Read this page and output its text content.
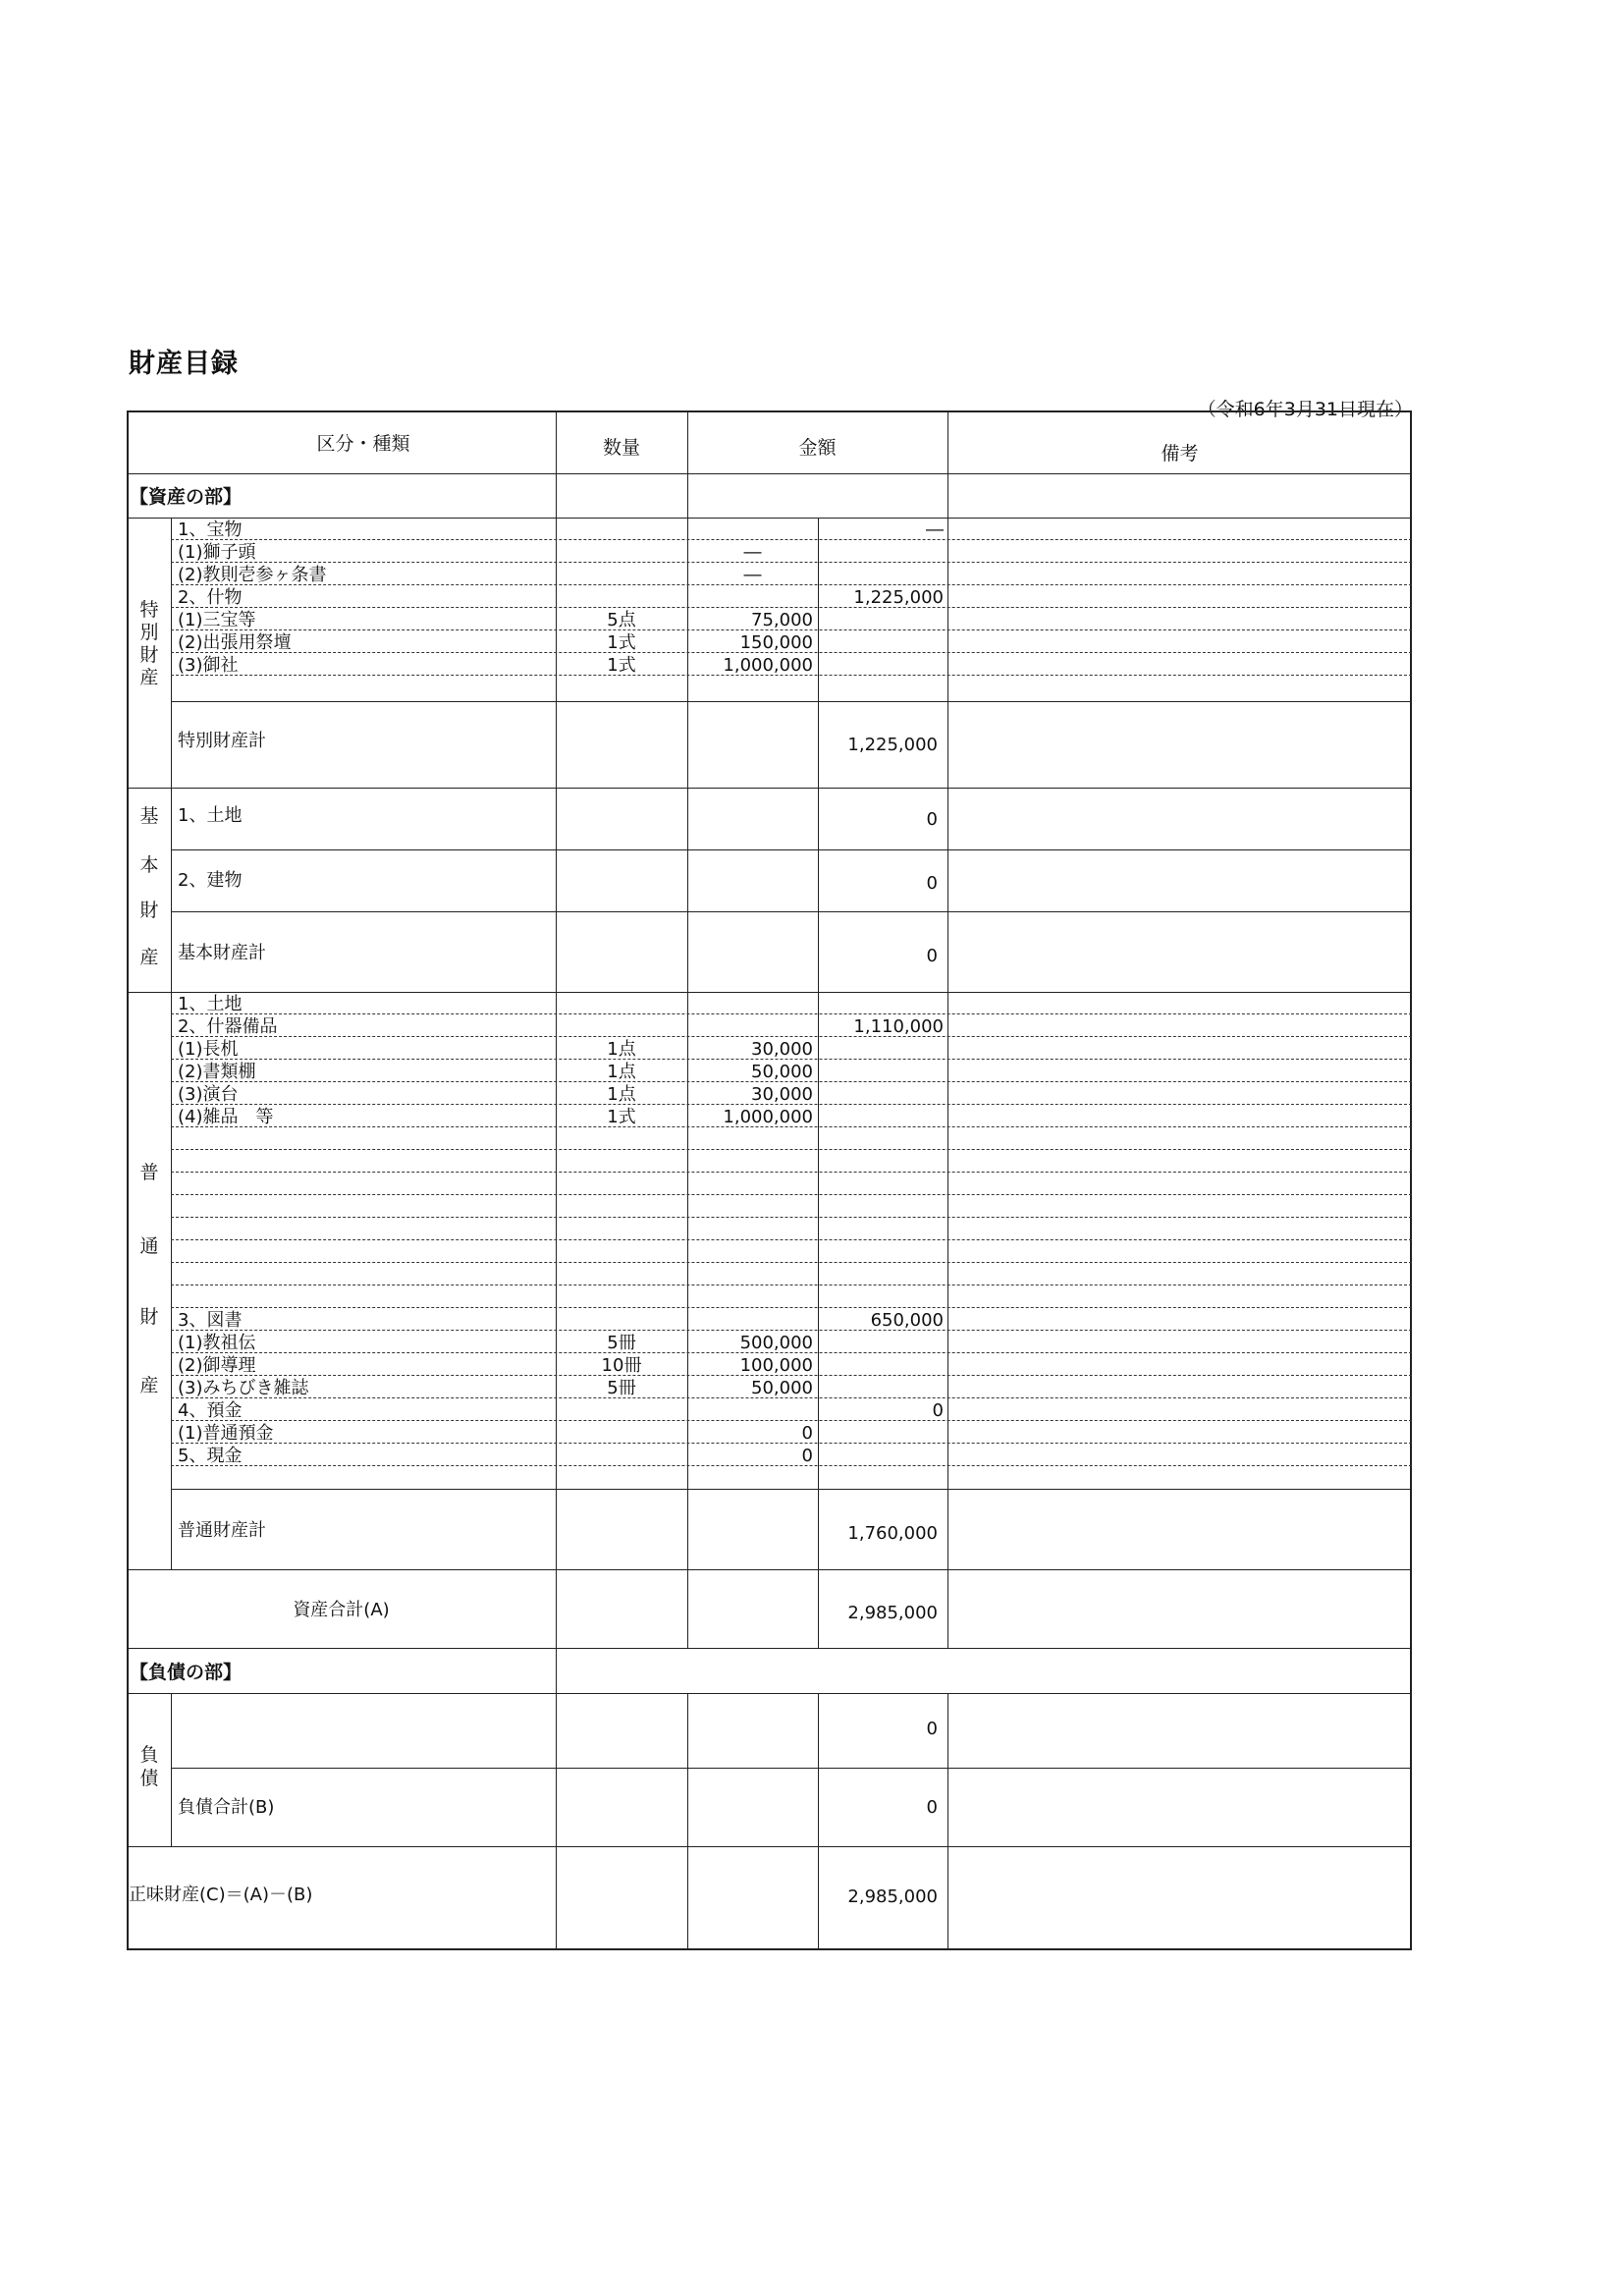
財産目録
（令和6年3月31日現在）
区分・種類	数量	金額	備考
【資産の部】
特
別
財
産
1、宝物	―
(1)獅子頭	―
(2)教則壱参ヶ条書	―
2、什物	1,225,000
(1)三宝等	5点	75,000
(2)出張用祭壇	1式	150,000
(3)御社	1式	1,000,000
特別財産計	1,225,000
基
本
財
産
1、土地	0
2、建物	0
基本財産計	0
普
通
財
産
1、土地
2、什器備品	1,110,000
(1)長机	1点	30,000
(2)書類棚	1点	50,000
(3)演台	1点	30,000
(4)雑品　等	1式	1,000,000
3、図書	650,000
(1)教祖伝	5冊	500,000
(2)御導理	10冊	100,000
(3)みちびき雑誌	5冊	50,000
4、預金	0
(1)普通預金	0
5、現金	0
普通財産計	1,760,000
資産合計(A)	2,985,000
【負債の部】
負
債
0
負債合計(B)	0
正味財産(C)＝(A)－(B)	2,985,000
